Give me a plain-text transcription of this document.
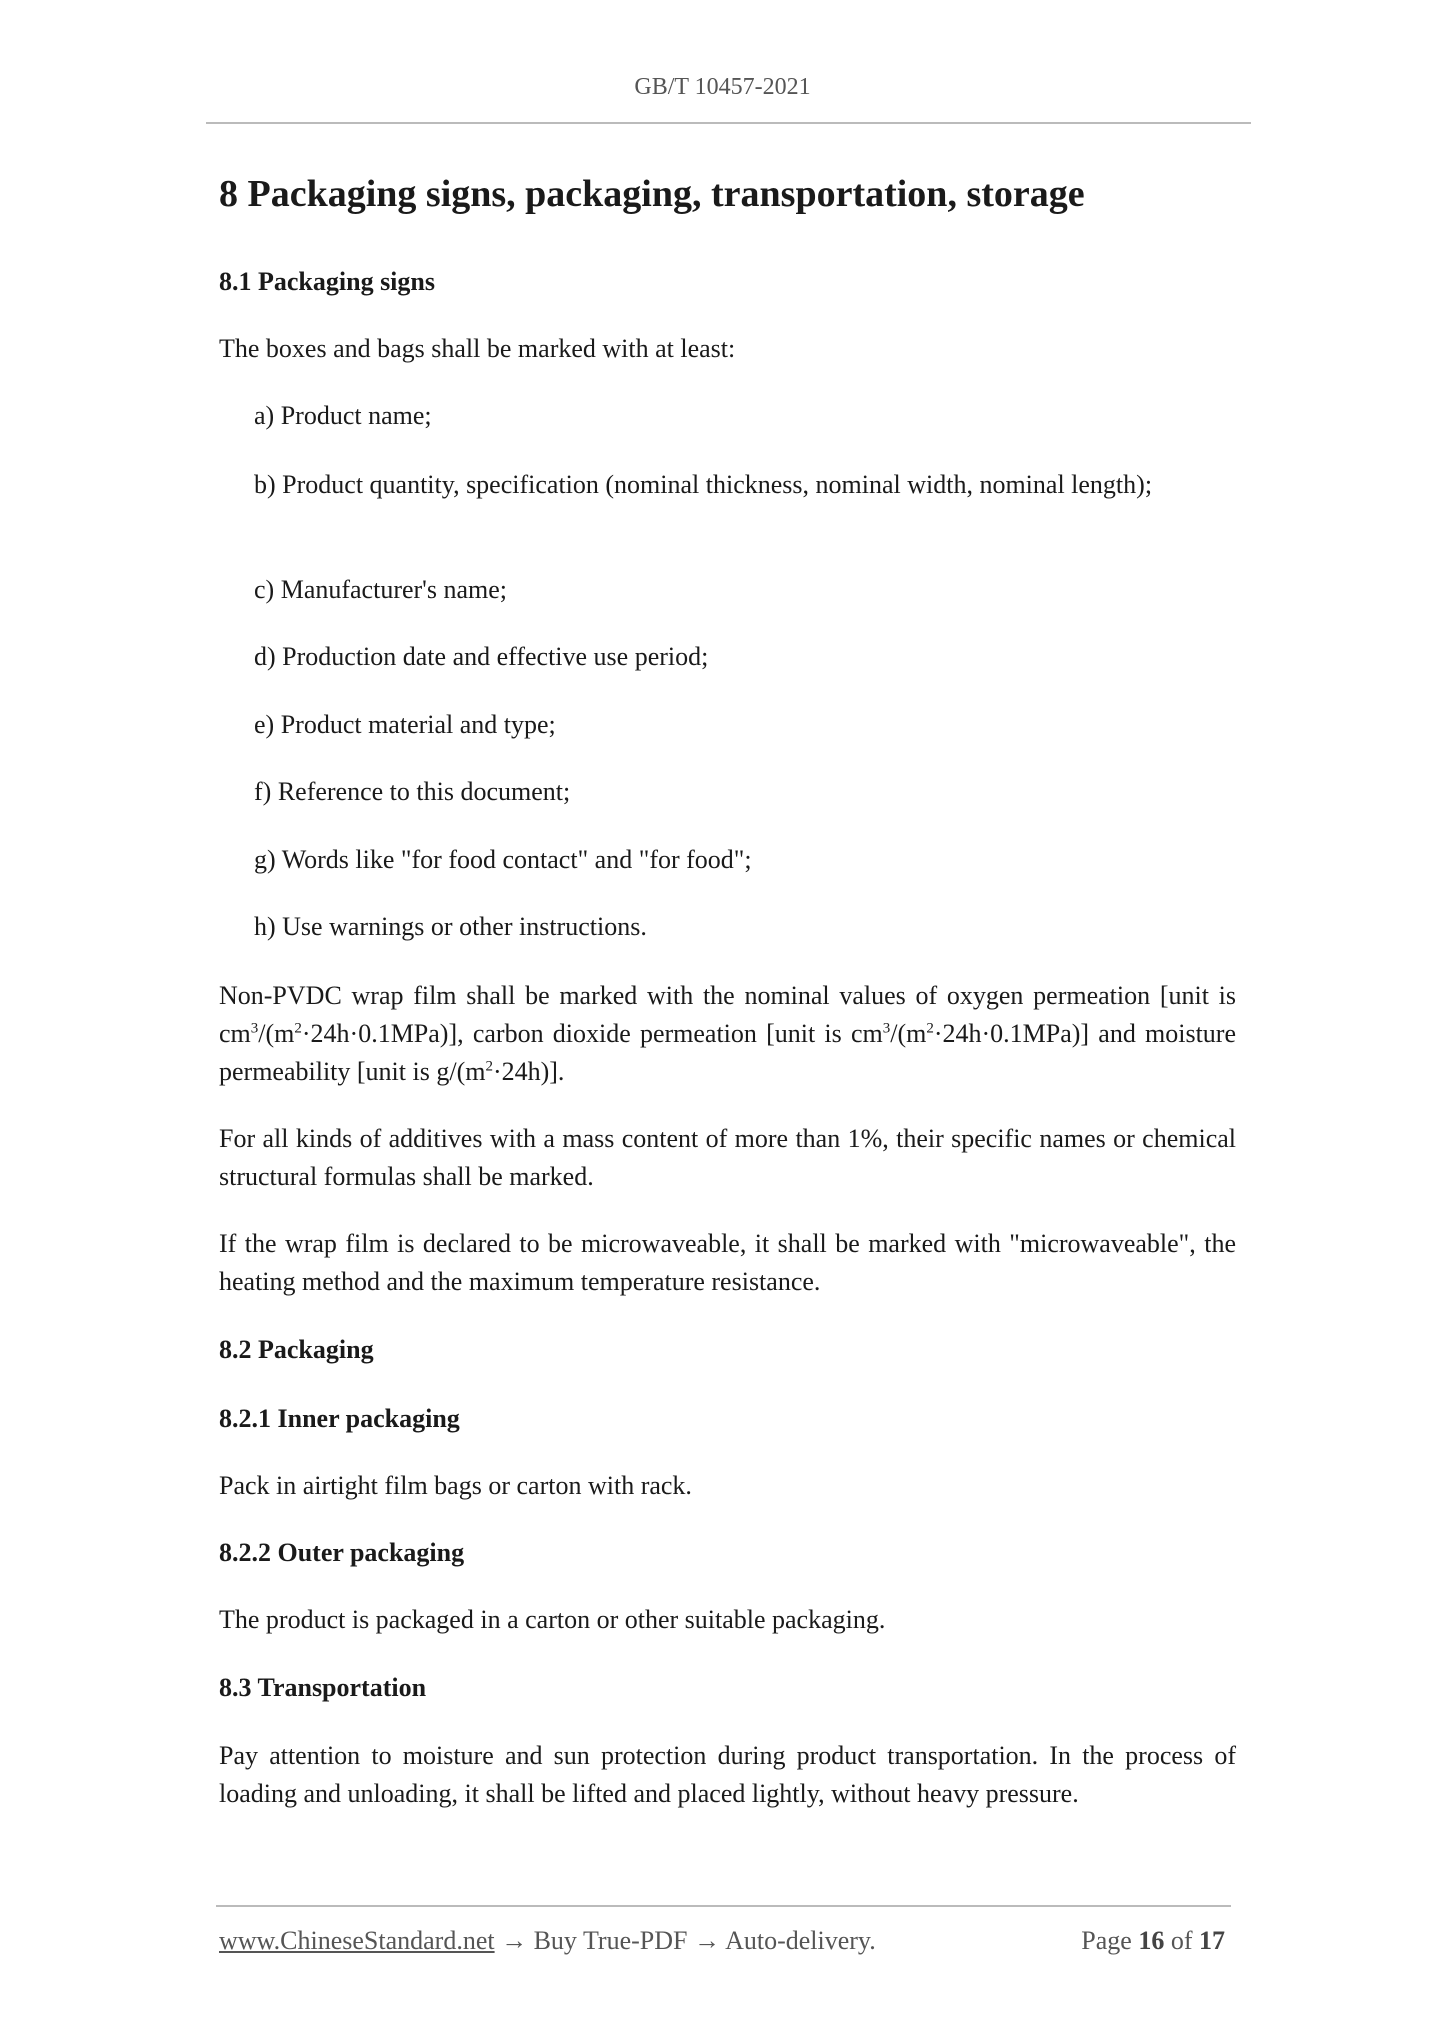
GB/T 10457-2021
8 Packaging signs, packaging, transportation, storage
8.1 Packaging signs
The boxes and bags shall be marked with at least:
a) Product name;
b) Product quantity, specification (nominal thickness, nominal width, nominal length);
c) Manufacturer's name;
d) Production date and effective use period;
e) Product material and type;
f) Reference to this document;
g) Words like "for food contact" and "for food";
h) Use warnings or other instructions.
Non-PVDC wrap film shall be marked with the nominal values of oxygen permeation [unit is $cm^3/(m^2\cdot 24h\cdot 0.1MPa)$], carbon dioxide permeation [unit is $cm^3/(m^2\cdot 24h\cdot 0.1MPa)$] and moisture permeability [unit is $g/(m^2\cdot 24h)$].
For all kinds of additives with a mass content of more than 1%, their specific names or chemical structural formulas shall be marked.
If the wrap film is declared to be microwaveable, it shall be marked with "microwaveable", the heating method and the maximum temperature resistance.
8.2 Packaging
8.2.1 Inner packaging
Pack in airtight film bags or carton with rack.
8.2.2 Outer packaging
The product is packaged in a carton or other suitable packaging.
8.3 Transportation
Pay attention to moisture and sun protection during product transportation. In the process of loading and unloading, it shall be lifted and placed lightly, without heavy pressure.
www.ChineseStandard.net → Buy True-PDF → Auto-delivery.	Page 16 of 17
